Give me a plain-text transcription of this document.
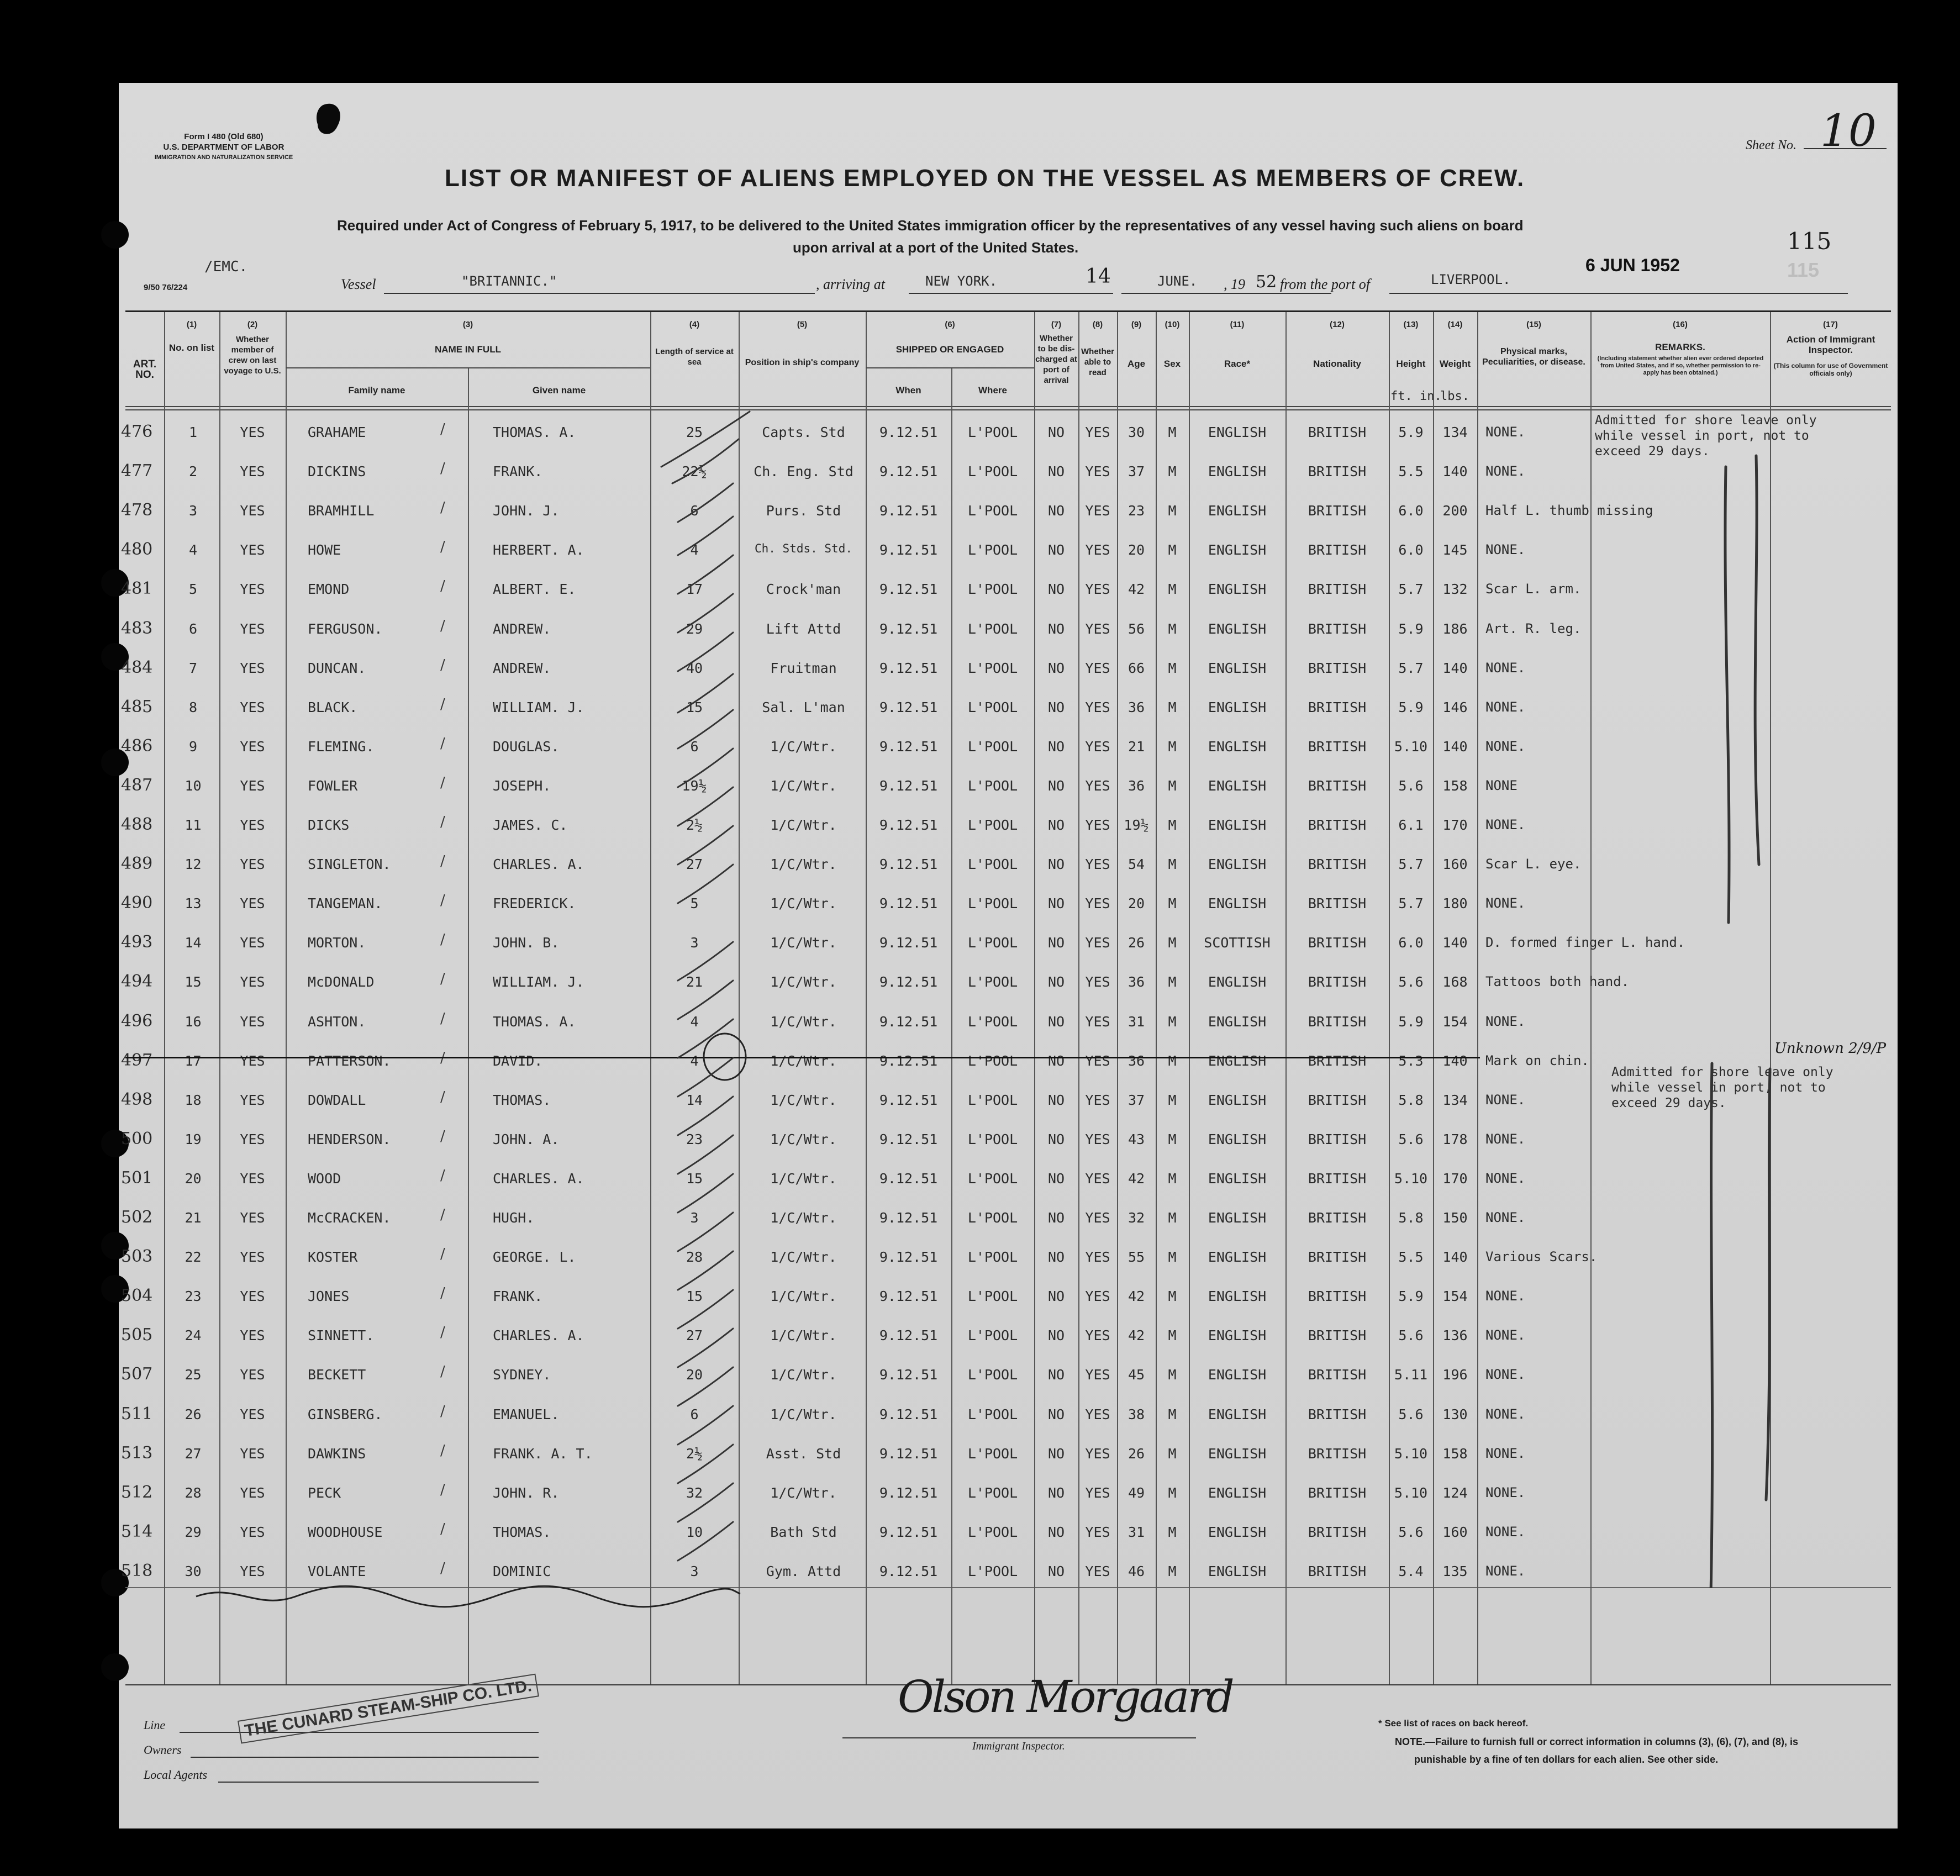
Form I 480 (Old 680)
U.S. DEPARTMENT OF LABOR
IMMIGRATION AND NATURALIZATION SERVICE
9/50 76/224
/EMC.
Sheet No. 10
LIST OR MANIFEST OF ALIENS EMPLOYED ON THE VESSEL AS MEMBERS OF CREW.
Required under Act of Congress of February 5, 1917, to be delivered to the United States immigration officer by the representatives of any vessel having such aliens on board
upon arrival at a port of the United States.	115
115
6 JUN 1952
Vessel	"BRITANNIC."	, arriving at	NEW YORK.	14	JUNE. , 19 52 from the port of	LIVERPOOL.
(2)
(1)	(3)	(4)	(5)	(6)	(7)	(8)	(9)	(10)	(11)	(12)	(13)	(14)	(15)	(16)	(17)
ART. NO.
No. on list
Whether member of crew on last voyage to U.S.
NAME IN FULL
Family name	Given name
Length of service at sea	Position in ship's company
SHIPPED OR ENGAGED
When	Where
Whether to be dis-charged at port of arrival
Whether able to read
Age	Sex	Race*	Nationality	Height	Weight
ft. in.
lbs.
Physical marks, Peculiarities, or disease.
REMARKS.
(Including statement whether alien ever ordered deported from United States, and if so, whether permission to re-apply has been obtained.)
Action of Immigrant Inspector.
(This column for use of Government officials only)
476	1	YES	GRAHAME	/	THOMAS. A.	25	Capts. Std	9.12.51	L'POOL	NO	YES	30	M	ENGLISH	BRITISH	5.9	134	NONE.
477	2	YES	DICKINS	/	FRANK.	22½	Ch. Eng. Std	9.12.51	L'POOL	NO	YES	37	M	ENGLISH	BRITISH	5.5	140	NONE.
478	3	YES	BRAMHILL	/	JOHN. J.	6	Purs. Std	9.12.51	L'POOL	NO	YES	23	M	ENGLISH	BRITISH	6.0	200	Half L. thumb missing
480	4	YES	HOWE	/	HERBERT. A.	4	Ch. Stds. Std.	9.12.51	L'POOL	NO	YES	20	M	ENGLISH	BRITISH	6.0	145	NONE.
481	5	YES	EMOND	/	ALBERT. E.	17	Crock'man	9.12.51	L'POOL	NO	YES	42	M	ENGLISH	BRITISH	5.7	132	Scar L. arm.
483	6	YES	FERGUSON.	/	ANDREW.	29	Lift Attd	9.12.51	L'POOL	NO	YES	56	M	ENGLISH	BRITISH	5.9	186	Art. R. leg.
484	7	YES	DUNCAN.	/	ANDREW.	40	Fruitman	9.12.51	L'POOL	NO	YES	66	M	ENGLISH	BRITISH	5.7	140	NONE.
485	8	YES	BLACK.	/	WILLIAM. J.	15	Sal. L'man	9.12.51	L'POOL	NO	YES	36	M	ENGLISH	BRITISH	5.9	146	NONE.
486	9	YES	FLEMING.	/	DOUGLAS.	6	1/C/Wtr.	9.12.51	L'POOL	NO	YES	21	M	ENGLISH	BRITISH	5.10	140	NONE.
487	10	YES	FOWLER	/	JOSEPH.	19½	1/C/Wtr.	9.12.51	L'POOL	NO	YES	36	M	ENGLISH	BRITISH	5.6	158	NONE
488	11	YES	DICKS	/	JAMES. C.	2½	1/C/Wtr.	9.12.51	L'POOL	NO	YES 19½	M	ENGLISH	BRITISH	6.1	170	NONE.
489	12	YES	SINGLETON.	/	CHARLES. A.	27	1/C/Wtr.	9.12.51	L'POOL	NO	YES	54	M	ENGLISH	BRITISH	5.7	160	Scar L. eye.
490	13	YES	TANGEMAN.	/	FREDERICK.	5	1/C/Wtr.	9.12.51	L'POOL	NO	YES	20	M	ENGLISH	BRITISH	5.7	180	NONE.
493	14	YES	MORTON.	/	JOHN. B.	3	1/C/Wtr.	9.12.51	L'POOL	NO	YES	26	M	SCOTTISH	BRITISH	6.0	140	D. formed finger L. hand.
494	15	YES	McDONALD	/	WILLIAM. J.	21	1/C/Wtr.	9.12.51	L'POOL	NO	YES	36	M	ENGLISH	BRITISH	5.6	168	Tattoos both hand.
496	16	YES	ASHTON.	/	THOMAS. A.	4	1/C/Wtr.	9.12.51	L'POOL	NO	YES	31	M	ENGLISH	BRITISH	5.9	154	NONE.
497	17	YES	PATTERSON.	/	DAVID.	4	1/C/Wtr.	9.12.51	L'POOL	NO	YES	36	M	ENGLISH	BRITISH	5.3	140	Mark on chin.
498	18	YES	DOWDALL	/	THOMAS.	14	1/C/Wtr.	9.12.51	L'POOL	NO	YES	37	M	ENGLISH	BRITISH	5.8	134	NONE.
500	19	YES	HENDERSON.	/	JOHN. A.	23	1/C/Wtr.	9.12.51	L'POOL	NO	YES	43	M	ENGLISH	BRITISH	5.6	178	NONE.
501	20	YES	WOOD	/	CHARLES. A.	15	1/C/Wtr.	9.12.51	L'POOL	NO	YES	42	M	ENGLISH	BRITISH	5.10	170	NONE.
502	21	YES	McCRACKEN.	/	HUGH.	3	1/C/Wtr.	9.12.51	L'POOL	NO	YES	32	M	ENGLISH	BRITISH	5.8	150	NONE.
503	22	YES	KOSTER	/	GEORGE. L.	28	1/C/Wtr.	9.12.51	L'POOL	NO	YES	55	M	ENGLISH	BRITISH	5.5	140	Various Scars.
504	23	YES	JONES	/	FRANK.	15	1/C/Wtr.	9.12.51	L'POOL	NO	YES	42	M	ENGLISH	BRITISH	5.9	154	NONE.
505	24	YES	SINNETT.	/	CHARLES. A.	27	1/C/Wtr.	9.12.51	L'POOL	NO	YES	42	M	ENGLISH	BRITISH	5.6	136	NONE.
507	25	YES	BECKETT	/	SYDNEY.	20	1/C/Wtr.	9.12.51	L'POOL	NO	YES	45	M	ENGLISH	BRITISH	5.11	196	NONE.
511	26	YES	GINSBERG.	/	EMANUEL.	6	1/C/Wtr.	9.12.51	L'POOL	NO	YES	38	M	ENGLISH	BRITISH	5.6	130	NONE.
513	27	YES	DAWKINS	/	FRANK. A. T.	2½	Asst. Std	9.12.51	L'POOL	NO	YES	26	M	ENGLISH	BRITISH	5.10	158	NONE.
512	28	YES	PECK	/	JOHN. R.	32	1/C/Wtr.	9.12.51	L'POOL	NO	YES	49	M	ENGLISH	BRITISH	5.10	124	NONE.
514	29	YES	WOODHOUSE	/	THOMAS.	10	Bath Std	9.12.51	L'POOL	NO	YES	31	M	ENGLISH	BRITISH	5.6	160	NONE.
518	30	YES	VOLANTE	/	DOMINIC	3	Gym. Attd	9.12.51	L'POOL	NO	YES	46	M	ENGLISH	BRITISH	5.4	135	NONE.
Admitted for shore leave only
while vessel in port, not to
exceed 29 days.
Admitted for shore leave only
while vessel in port, not to
exceed 29 days.
Unknown 2/9/P
Line
Owners
Local Agents
THE CUNARD STEAM-SHIP CO. LTD.	Olson Morgaard
Immigrant Inspector.
* See list of races on back hereof.
NOTE.—Failure to furnish full or correct information in columns (3), (6), (7), and (8), is
punishable by a fine of ten dollars for each alien. See other side.
